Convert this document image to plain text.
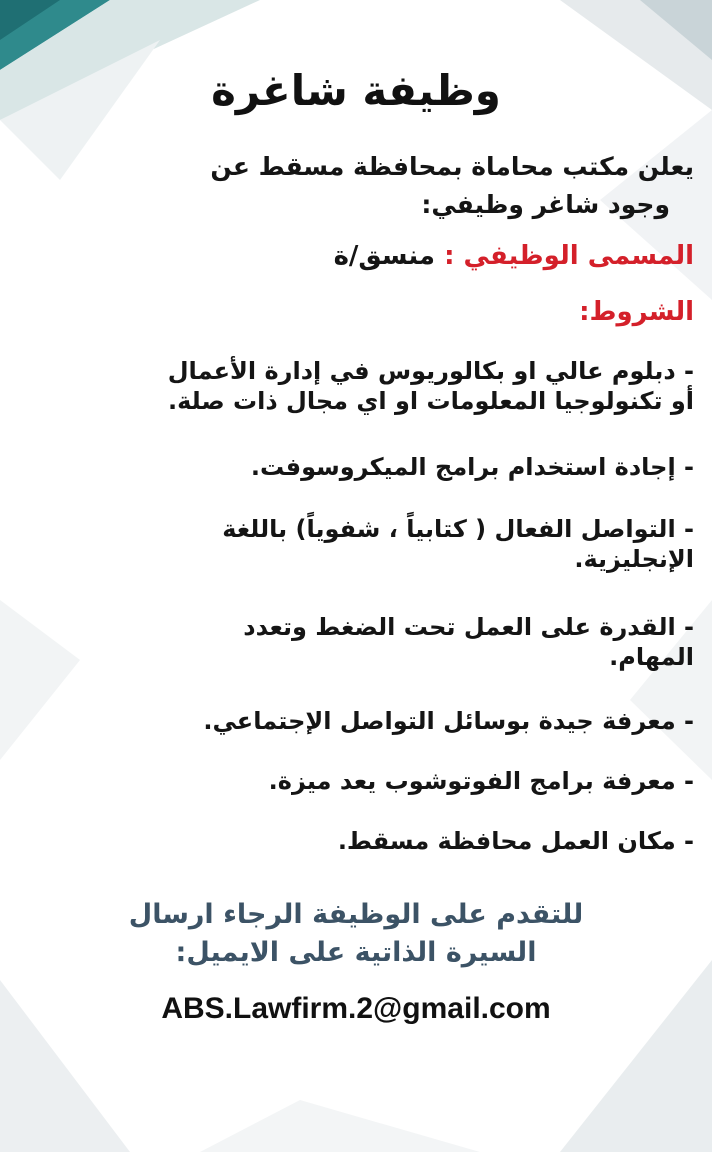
وظيفة شاغرة
يعلن مكتب محاماة بمحافظة مسقط عن
وجود شاغر وظيفي:
المسمى الوظيفي : منسق/ة
الشروط:
- دبلوم عالي او بكالوريوس في إدارة الأعمال
أو تكنولوجيا المعلومات او اي مجال ذات صلة.
- إجادة استخدام برامج الميكروسوفت.
- التواصل الفعال ( كتابياً ، شفوياً) باللغة
الإنجليزية.
- القدرة على العمل تحت الضغط وتعدد
المهام.
- معرفة جيدة بوسائل التواصل الإجتماعي.
- معرفة برامج الفوتوشوب يعد ميزة.
- مكان العمل محافظة مسقط.
للتقدم على الوظيفة الرجاء ارسال
السيرة الذاتية على الايميل:
ABS.Lawfirm.2@gmail.com
